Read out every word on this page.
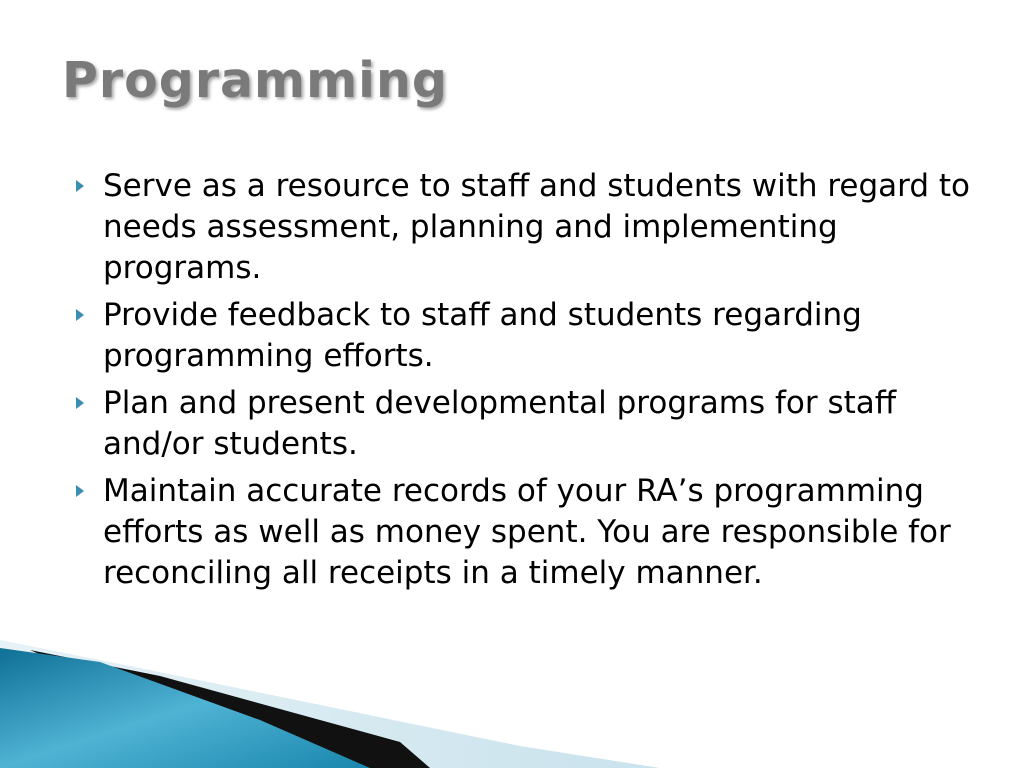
Programming
Serve as a resource to staff and students with regard to needs assessment, planning and implementing programs.
Provide feedback to staff and students regarding programming efforts.
Plan and present developmental programs for staff and/or students.
Maintain accurate records of your RA’s programming efforts as well as money spent. You are responsible for reconciling all receipts in a timely manner.
